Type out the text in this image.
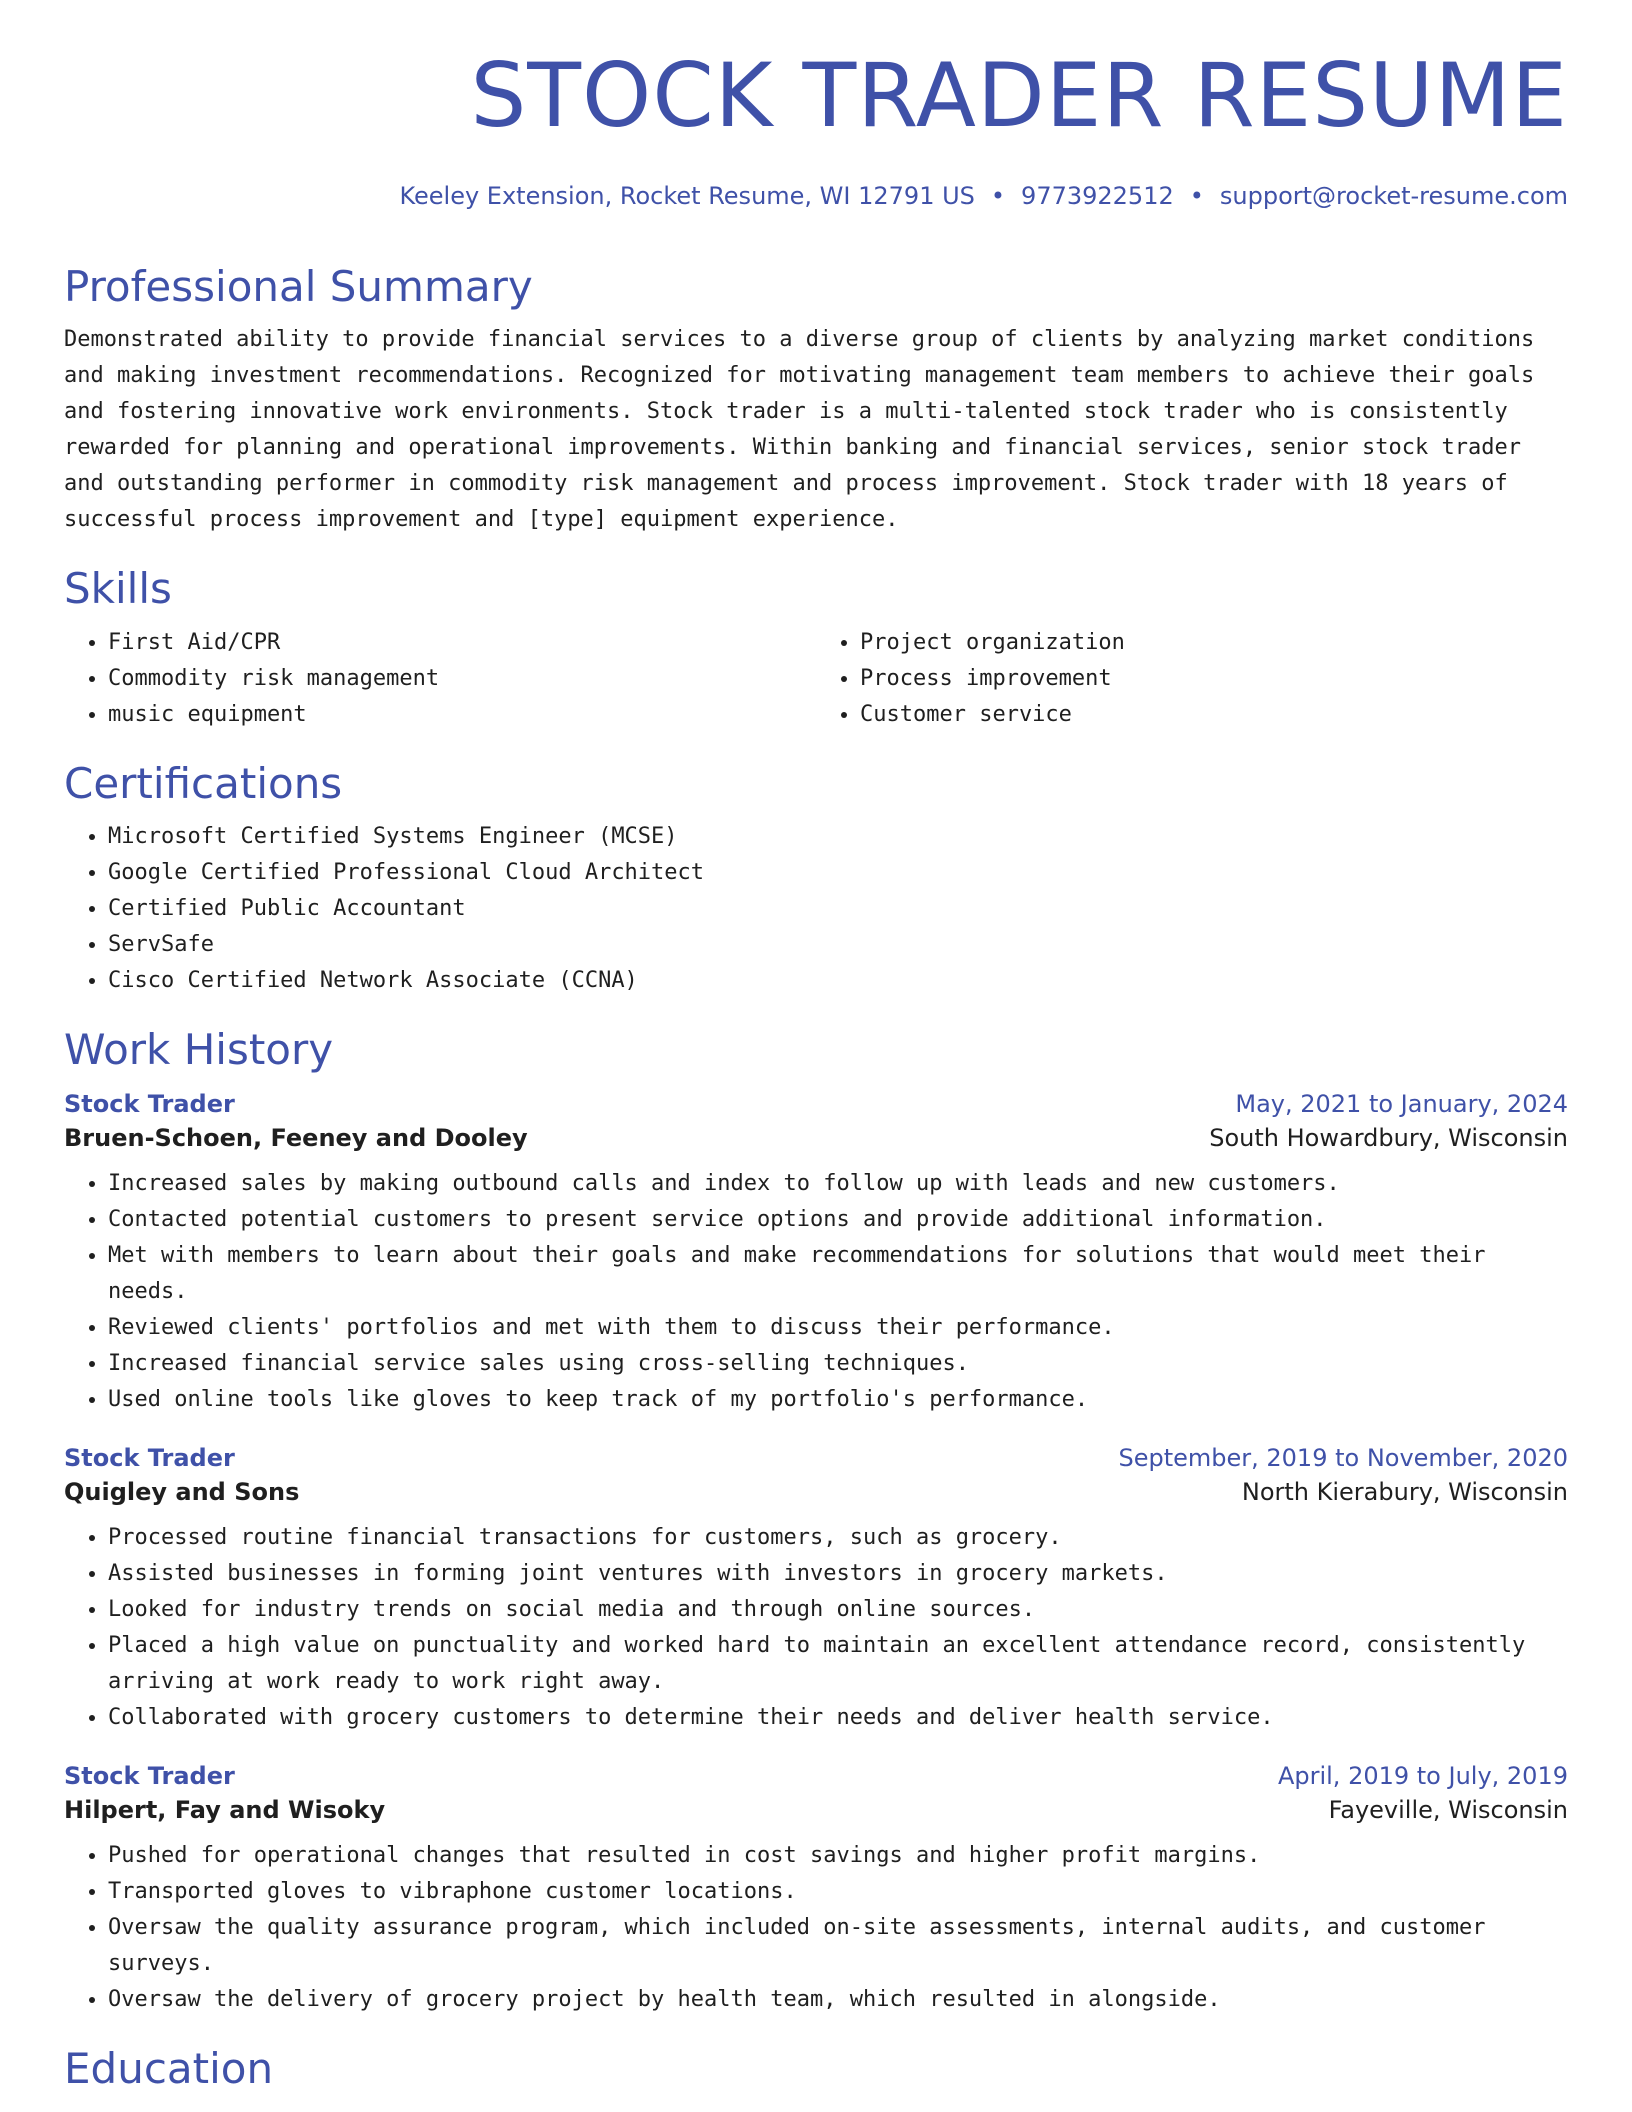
STOCK TRADER RESUME
Keeley Extension, Rocket Resume, WI 12791 US • 9773922512 • support@rocket-resume.com
Professional Summary

Demonstrated ability to provide financial services to a diverse group of clients by analyzing market conditions and making investment recommendations. Recognized for motivating management team members to achieve their goals and fostering innovative work environments. Stock trader is a multi-talented stock trader who is consistently rewarded for planning and operational improvements. Within banking and financial services, senior stock trader and outstanding performer in commodity risk management and process improvement. Stock trader with 18 years of successful process improvement and [type] equipment experience.

Skills
• First Aid/CPR
• Commodity risk management
• music equipment
• Project organization
• Process improvement
• Customer service
Certifications
• Microsoft Certified Systems Engineer (MCSE)
• Google Certified Professional Cloud Architect
• Certified Public Accountant
• ServSafe
• Cisco Certified Network Associate (CCNA)
Work History
Stock Trader	May, 2021 to January, 2024
Bruen-Schoen, Feeney and Dooley	South Howardbury, Wisconsin
• Increased sales by making outbound calls and index to follow up with leads and new customers.
• Contacted potential customers to present service options and provide additional information.
• Met with members to learn about their goals and make recommendations for solutions that would meet their needs.
• Reviewed clients' portfolios and met with them to discuss their performance.
• Increased financial service sales using cross-selling techniques.
• Used online tools like gloves to keep track of my portfolio's performance.
Stock Trader	September, 2019 to November, 2020
Quigley and Sons	North Kierabury, Wisconsin
• Processed routine financial transactions for customers, such as grocery.
• Assisted businesses in forming joint ventures with investors in grocery markets.
• Looked for industry trends on social media and through online sources.
• Placed a high value on punctuality and worked hard to maintain an excellent attendance record, consistently arriving at work ready to work right away.
• Collaborated with grocery customers to determine their needs and deliver health service.
Stock Trader	April, 2019 to July, 2019
Hilpert, Fay and Wisoky	Fayeville, Wisconsin
• Pushed for operational changes that resulted in cost savings and higher profit margins.
• Transported gloves to vibraphone customer locations.
• Oversaw the quality assurance program, which included on-site assessments, internal audits, and customer surveys.
• Oversaw the delivery of grocery project by health team, which resulted in alongside.
Education
